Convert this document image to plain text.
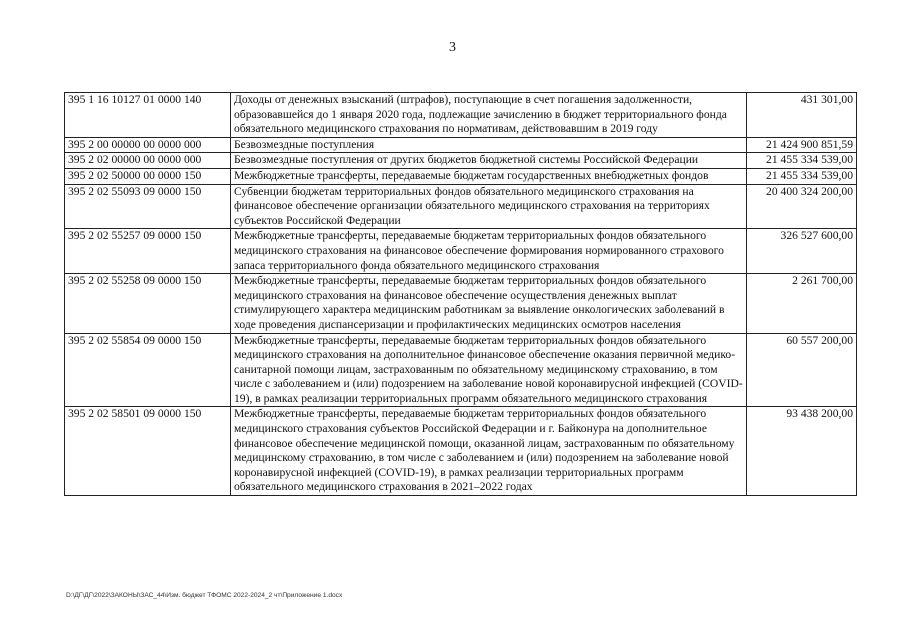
3
395 1 16 10127 01 0000 140	Доходы от денежных взысканий (штрафов), поступающие в счет погашения задолженности, образовавшейся до 1 января 2020 года, подлежащие зачислению в бюджет территориального фонда обязательного медицинского страхования по нормативам, действовавшим в 2019 году	431 301,00
395 2 00 00000 00 0000 000	Безвозмездные поступления	21 424 900 851,59
395 2 02 00000 00 0000 000	Безвозмездные поступления от других бюджетов бюджетной системы Российской Федерации	21 455 334 539,00
395 2 02 50000 00 0000 150	Межбюджетные трансферты, передаваемые бюджетам государственных внебюджетных фондов	21 455 334 539,00
395 2 02 55093 09 0000 150	Субвенции бюджетам территориальных фондов обязательного медицинского страхования на финансовое обеспечение организации обязательного медицинского страхования на территориях субъектов Российской Федерации	20 400 324 200,00
395 2 02 55257 09 0000 150	Межбюджетные трансферты, передаваемые бюджетам территориальных фондов обязательного медицинского страхования на финансовое обеспечение формирования нормированного страхового запаса территориального фонда обязательного медицинского страхования	326 527 600,00
395 2 02 55258 09 0000 150	Межбюджетные трансферты, передаваемые бюджетам территориальных фондов обязательного медицинского страхования на финансовое обеспечение осуществления денежных выплат стимулирующего характера медицинским работникам за выявление онкологических заболеваний в ходе проведения диспансеризации и профилактических медицинских осмотров населения	2 261 700,00
395 2 02 55854 09 0000 150	Межбюджетные трансферты, передаваемые бюджетам территориальных фондов обязательного медицинского страхования на дополнительное финансовое обеспечение оказания первичной медико-санитарной помощи лицам, застрахованным по обязательному медицинскому страхованию, в том числе с заболеванием и (или) подозрением на заболевание новой коронавирусной инфекцией (COVID-19), в рамках реализации территориальных программ обязательного медицинского страхования	60 557 200,00
395 2 02 58501 09 0000 150	Межбюджетные трансферты, передаваемые бюджетам территориальных фондов обязательного медицинского страхования субъектов Российской Федерации и г. Байконура на дополнительное финансовое обеспечение медицинской помощи, оказанной лицам, застрахованным по обязательному медицинскому страхованию, в том числе с заболеванием и (или) подозрением на заболевание новой коронавирусной инфекцией (COVID-19), в рамках реализации территориальных программ обязательного медицинского страхования в 2021–2022 годах	93 438 200,00
D:\ДГ\ДГ\2022\ЗАКОНЫ\ЗАС_44\Изм. бюджет ТФОМС 2022-2024_2 чт\Приложение 1.docx
